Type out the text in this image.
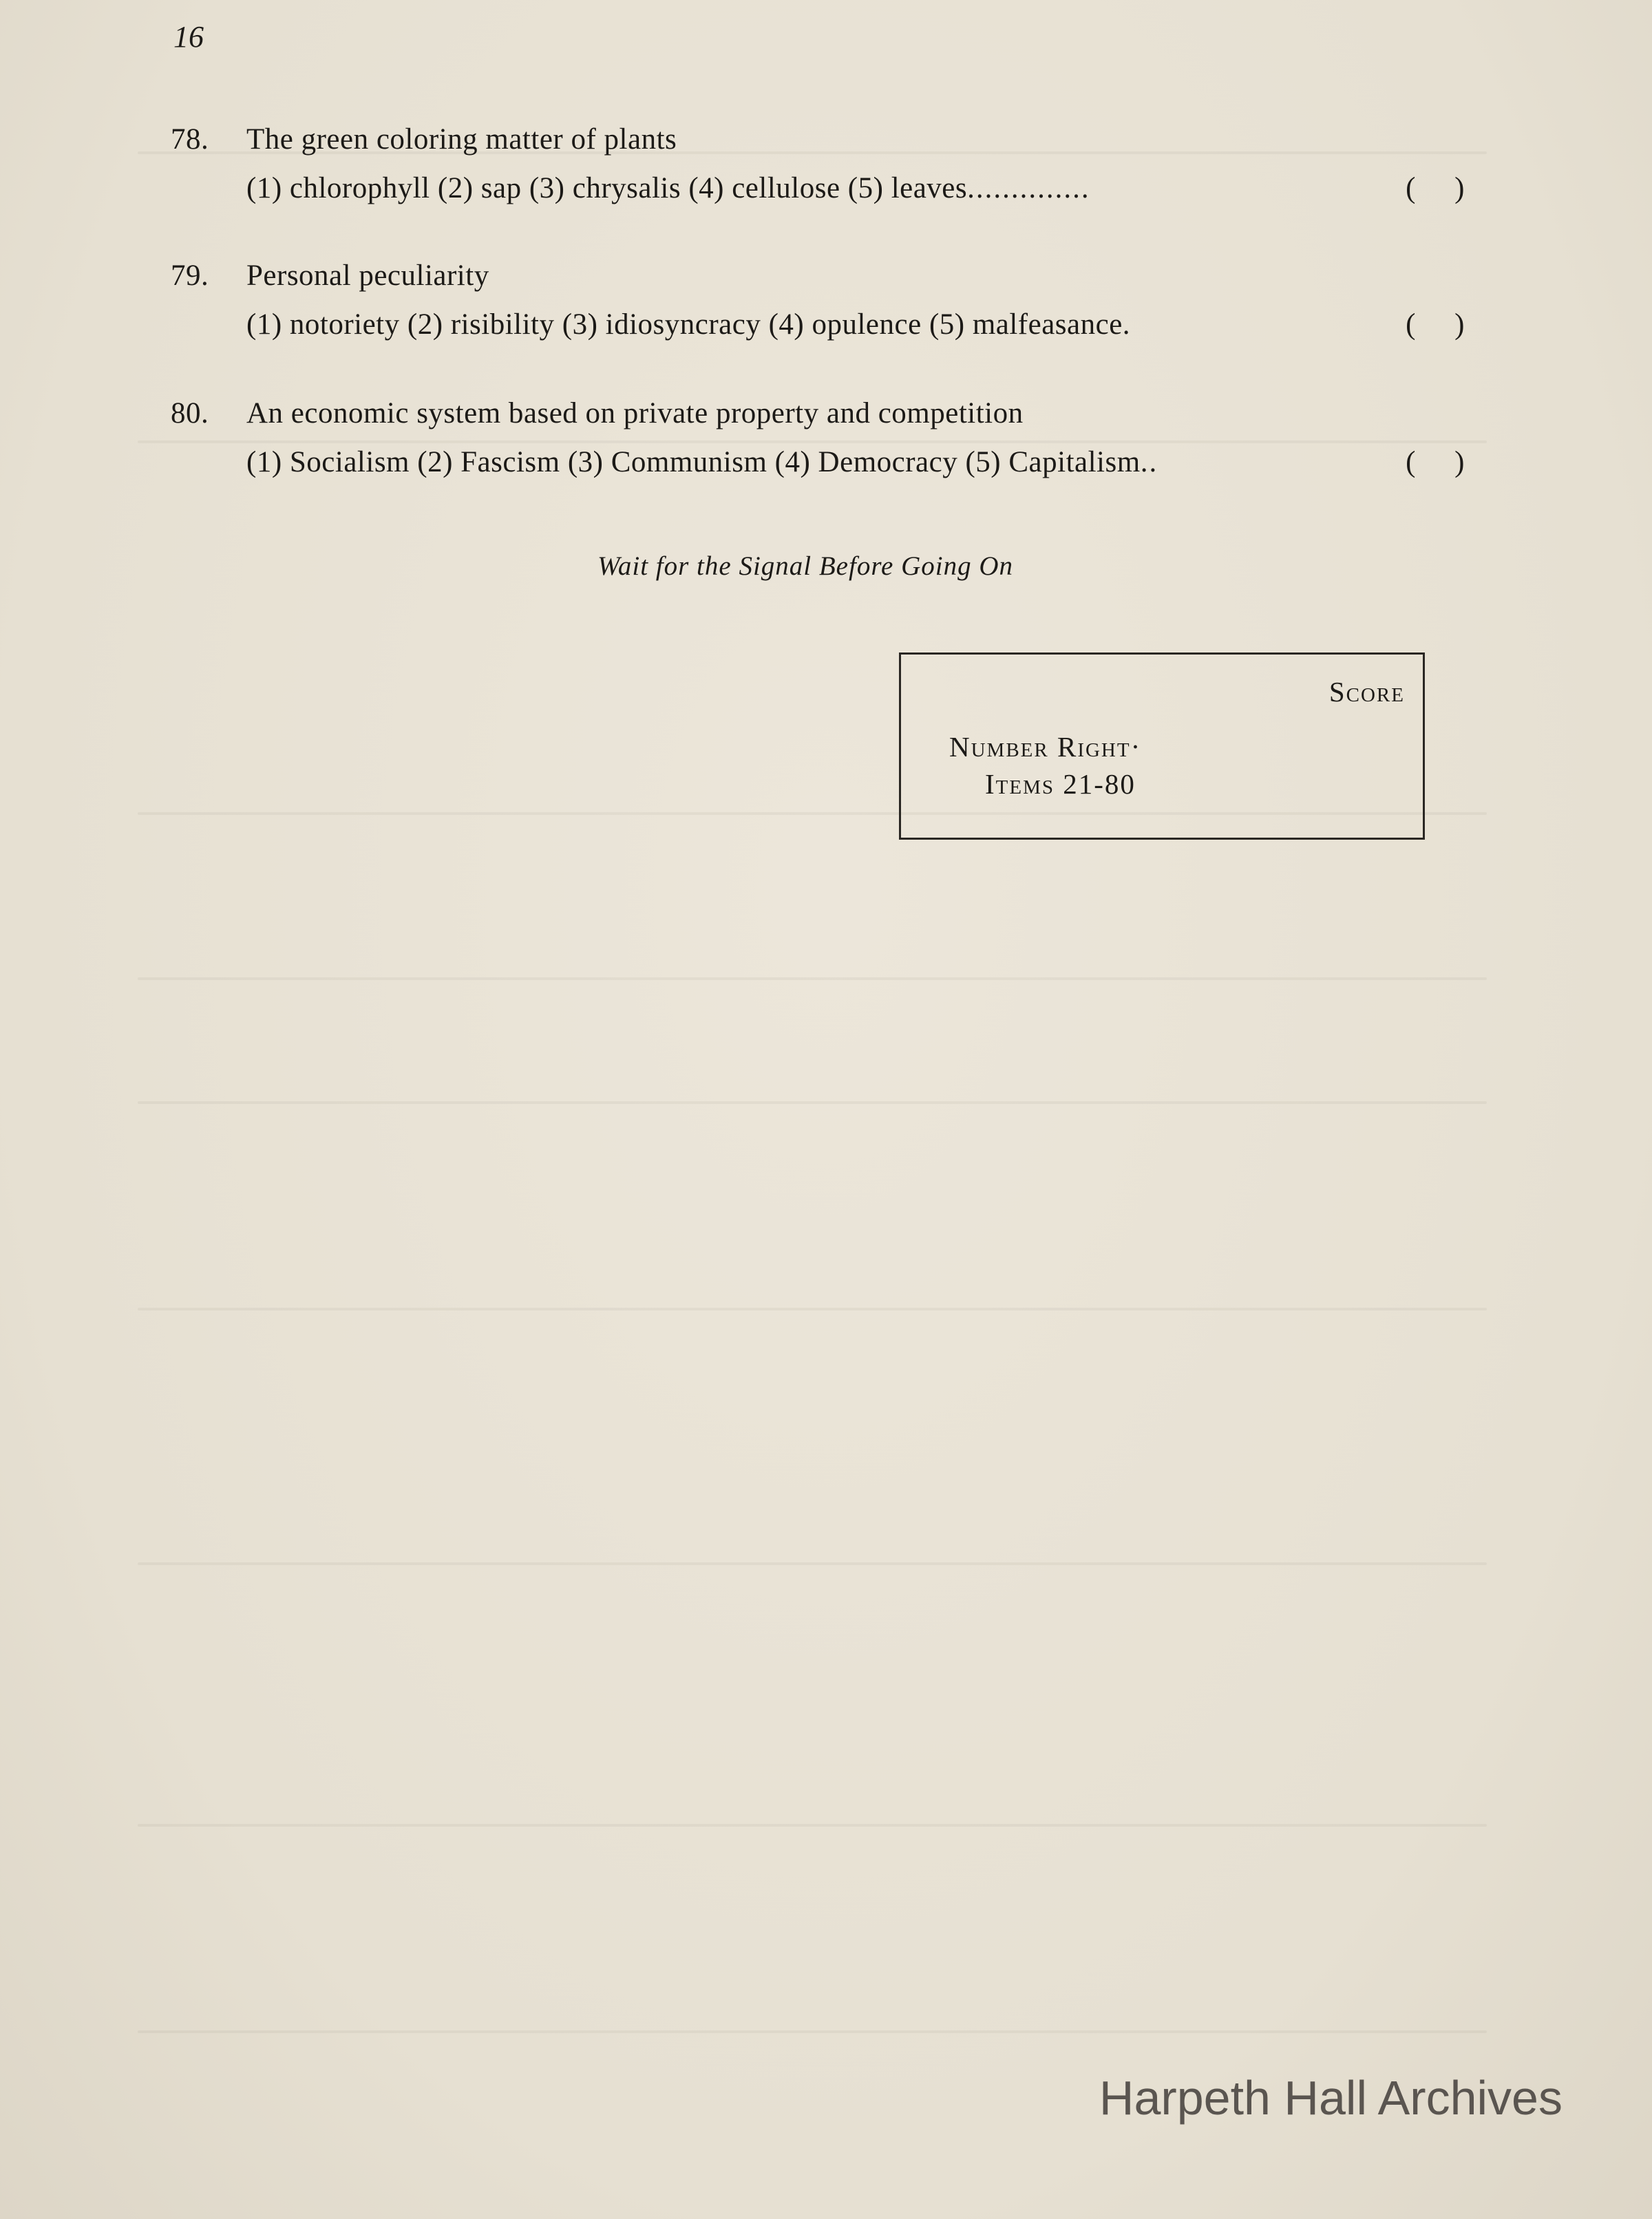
16
78.	The green coloring matter of plants
(1) chlorophyll (2) sap (3) chrysalis (4) cellulose (5) leaves ..............	(     )
79.	Personal peculiarity
(1) notoriety (2) risibility (3) idiosyncracy (4) opulence (5) malfeasance .	(     )
80.	An economic system based on private property and competition
(1) Socialism (2) Fascism (3) Communism (4) Democracy (5) Capitalism ..	(     )
Wait for the Signal Before Going On
Score
Number Right·
Items 21-80
Harpeth Hall Archives
